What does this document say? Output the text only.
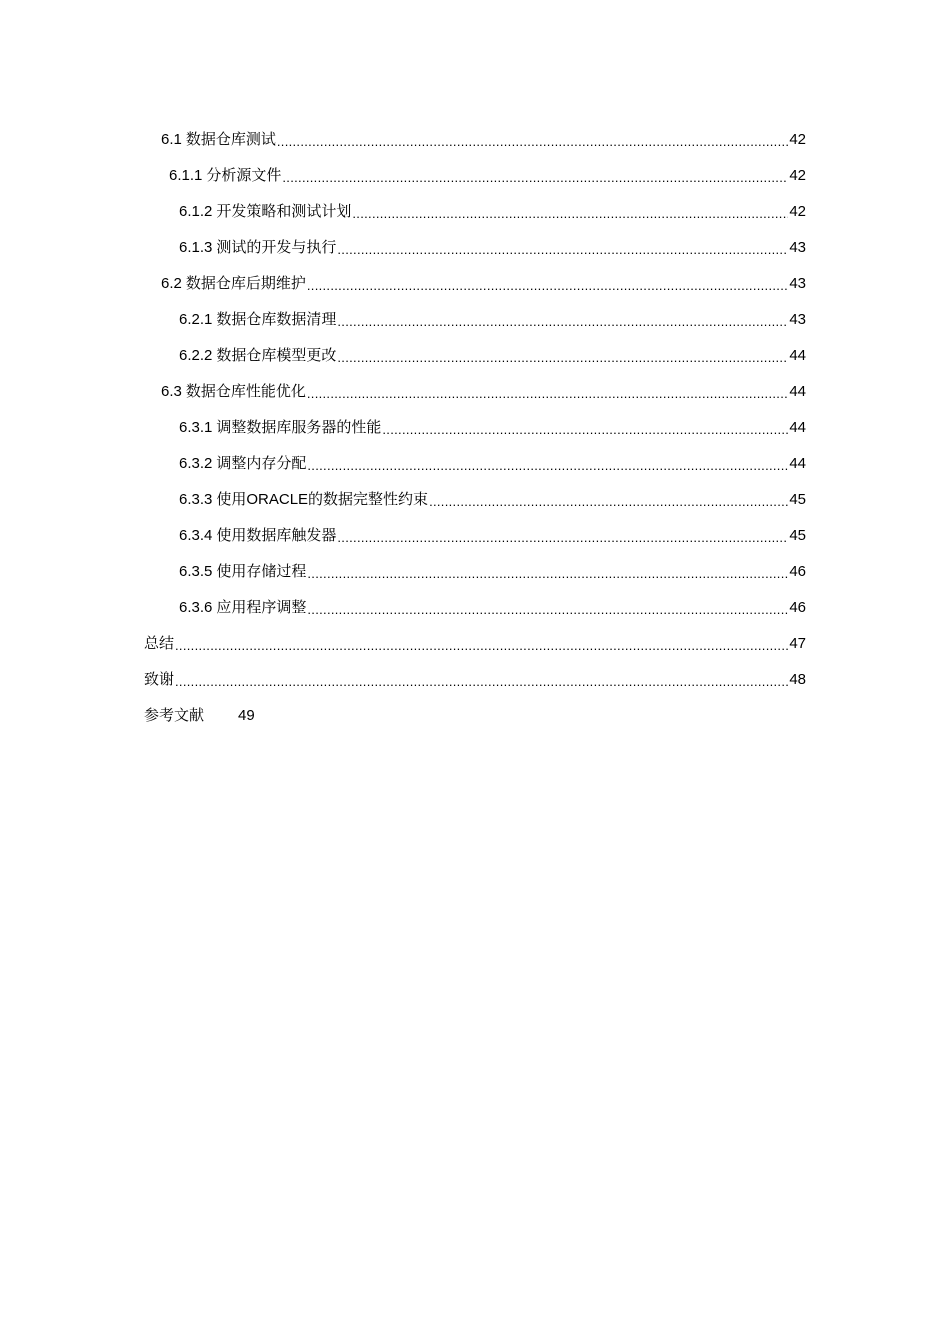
6.1 数据仓库测试 .....	42
6.1.1 分析源文件 .....	42
6.1.2 开发策略和测试计划 .....	42
6.1.3 测试的开发与执行 .....	43
6.2 数据仓库后期维护 .....	43
6.2.1 数据仓库数据清理 .....	43
6.2.2 数据仓库模型更改 .....	44
6.3 数据仓库性能优化 .....	44
6.3.1 调整数据库服务器的性能 .....	44
6.3.2 调整内存分配 .....	44
6.3.3 使用ORACLE的数据完整性约束 .....	45
6.3.4 使用数据库触发器 .....	45
6.3.5 使用存储过程 .....	46
6.3.6 应用程序调整 .....	46
总结 .....	47
致谢 .....	48
参考文献 49
